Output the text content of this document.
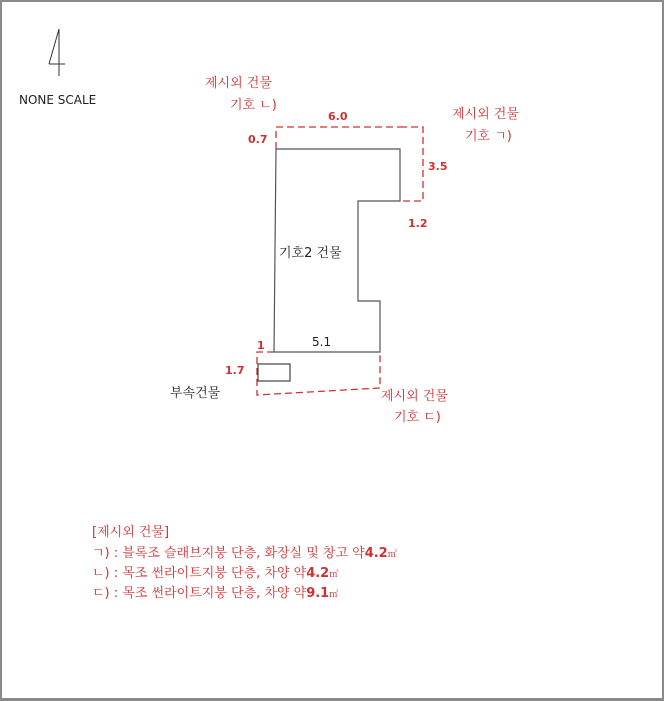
NONE SCALE
제시외 건물
기호 ㄴ)
제시외 건물
기호 ㄱ)
제시외 건물
기호 ㄷ)
6.0
0.7
3.5
1.2
5.1
1
1.7
기호2 건물
부속건물
[제시외 건물]
ㄱ) : 블록조 슬래브지붕 단층, 화장실 및 창고 약4.2㎡
ㄴ) : 목조 썬라이트지붕 단층, 차양 약4.2㎡
ㄷ) : 목조 썬라이트지붕 단층, 차양 약9.1㎡
